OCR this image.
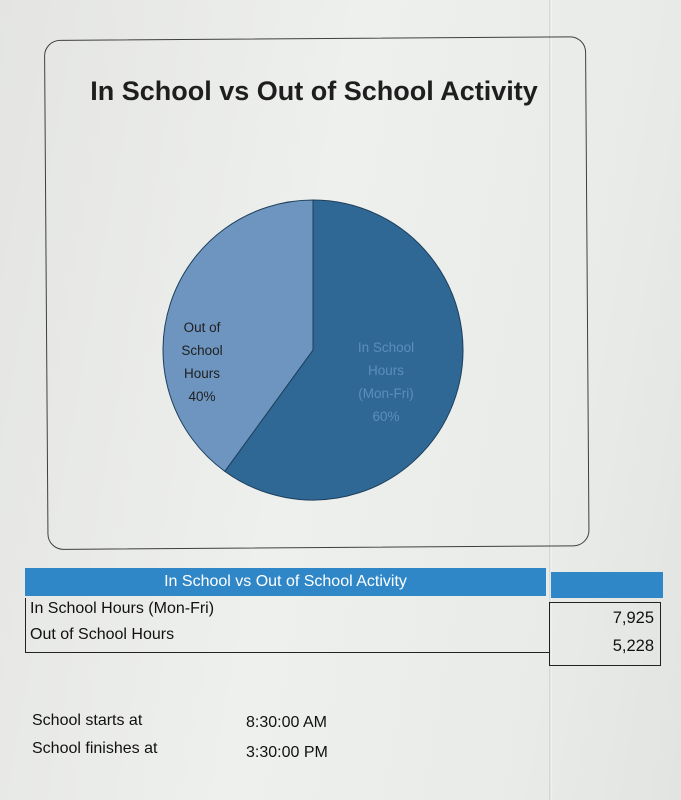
In School vs Out of School Activity
In School Hours (Mon-Fri) 60%
Out of School Hours 40%
In School vs Out of School Activity
In School Hours (Mon-Fri)
Out of School Hours
7,925
5,228
School starts at	8:30:00 AM
School finishes at	3:30:00 PM
